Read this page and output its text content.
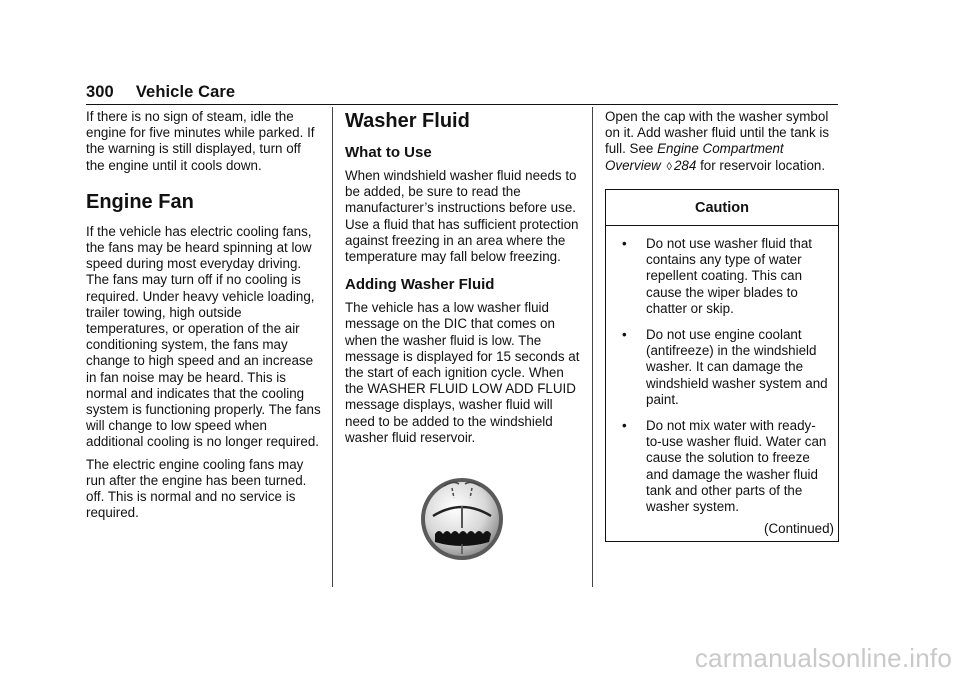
300 Vehicle Care

If there is no sign of steam, idle the engine for five minutes while parked. If the warning is still displayed, turn off the engine until it cools down.

Engine Fan

If the vehicle has electric cooling fans, the fans may be heard spinning at low speed during most everyday driving. The fans may turn off if no cooling is required. Under heavy vehicle loading, trailer towing, high outside temperatures, or operation of the air conditioning system, the fans may change to high speed and an increase in fan noise may be heard. This is normal and indicates that the cooling system is functioning properly. The fans will change to low speed when additional cooling is no longer required.

The electric engine cooling fans may run after the engine has been turned. off. This is normal and no service is required.

Washer Fluid
What to Use

When windshield washer fluid needs to be added, be sure to read the manufacturer’s instructions before use. Use a fluid that has sufficient protection against freezing in an area where the temperature may fall below freezing.

Adding Washer Fluid

The vehicle has a low washer fluid message on the DIC that comes on when the washer fluid is low. The message is displayed for 15 seconds at the start of each ignition cycle. When the WASHER FLUID LOW ADD FLUID message displays, washer fluid will need to be added to the windshield washer fluid reservoir.

Open the cap with the washer symbol on it. Add washer fluid until the tank is full. See Engine Compartment Overview ◊ 284 for reservoir location.

Caution
• Do not use washer fluid that contains any type of water repellent coating. This can cause the wiper blades to chatter or skip.
• Do not use engine coolant (antifreeze) in the windshield washer. It can damage the windshield washer system and paint.
• Do not mix water with ready-to-use washer fluid. Water can cause the solution to freeze and damage the washer fluid tank and other parts of the washer system.
(Continued)
carmanualsonline.info
